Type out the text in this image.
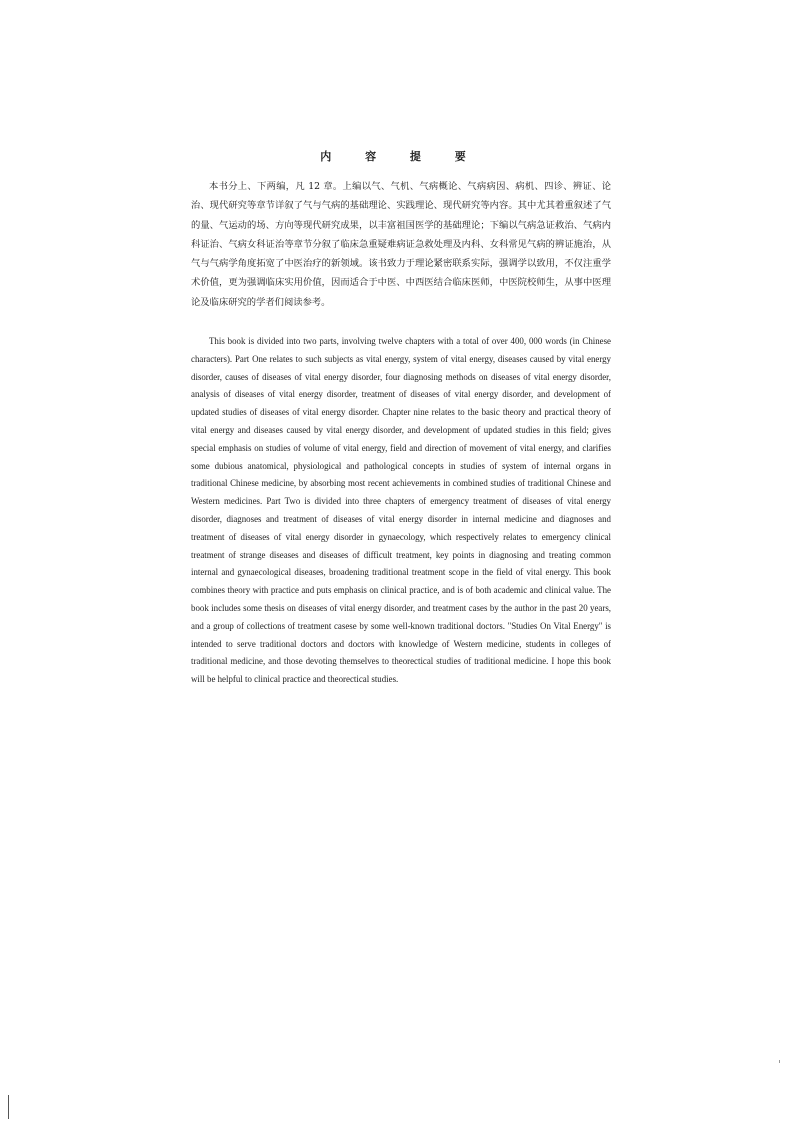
内 容 提 要

本书分上、下两编，凡 12 章。上编以气、气机、气病概论、气病病因、病机、四诊、辨证、论治、现代研究等章节详叙了气与气病的基础理论、实践理论、现代研究等内容。其中尤其着重叙述了气的量、气运动的场、方向等现代研究成果，以丰富祖国医学的基础理论；下编以气病急证救治、气病内科证治、气病女科证治等章节分叙了临床急重疑难病证急救处理及内科、女科常见气病的辨证施治，从气与气病学角度拓宽了中医治疗的新领域。该书致力于理论紧密联系实际，强调学以致用，不仅注重学术价值，更为强调临床实用价值，因而适合于中医、中西医结合临床医师，中医院校师生，从事中医理论及临床研究的学者们阅读参考。

This book is divided into two parts, involving twelve chapters with a total of over 400, 000 words (in Chinese characters). Part One relates to such subjects as vital energy, system of vital energy, diseases caused by vital energy disorder, causes of diseases of vital energy disorder, four diagnosing methods on diseases of vital energy disorder, analysis of diseases of vital energy disorder, treatment of diseases of vital energy disorder, and development of updated studies of diseases of vital energy disorder. Chapter nine relates to the basic theory and practical theory of vital energy and diseases caused by vital energy disorder, and development of updated studies in this field; gives special emphasis on studies of volume of vital energy, field and direction of movement of vital energy, and clarifies some dubious anatomical, physiological and pathological concepts in studies of system of internal organs in traditional Chinese medicine, by absorbing most recent achievements in combined studies of traditional Chinese and Western medicines. Part Two is divided into three chapters of emergency treatment of diseases of vital energy disorder, diagnoses and treatment of diseases of vital energy disorder in internal medicine and diagnoses and treatment of diseases of vital energy disorder in gynaecology, which respectively relates to emergency clinical treatment of strange diseases and diseases of difficult treatment, key points in diagnosing and treating common internal and gynaecological diseases, broadening traditional treatment scope in the field of vital energy. This book combines theory with practice and puts emphasis on clinical practice, and is of both academic and clinical value. The book includes some thesis on diseases of vital energy disorder, and treatment cases by the author in the past 20 years, and a group of collections of treatment casese by some well-known traditional doctors. "Studies On Vital Energy" is intended to serve traditional doctors and doctors with knowledge of Western medicine, students in colleges of traditional medicine, and those devoting themselves to theorectical studies of traditional medicine. I hope this book will be helpful to clinical practice and theorectical studies.
